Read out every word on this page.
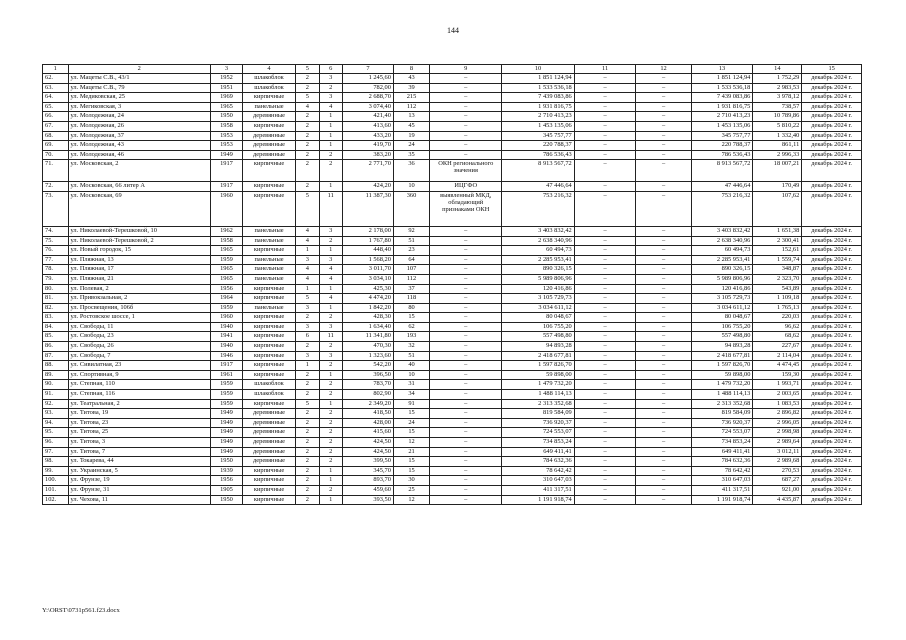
144
1	2	3	4	5	6	7	8	9	10	11	12	13	14	15
62.	ул. Мацеты С.В., 43/1	1952	шлакоблок	2	3	1 245,60	43	–	1 851 124,94	–	–	1 851 124,94	1 752,29	декабрь 2024 г.
63.	ул. Мацеты С.В., 79	1951	шлакоблок	2	2	782,00	39	–	1 533 536,18	–	–	1 533 536,18	2 983,53	декабрь 2024 г.
64.	ул. Медиковская, 25	1969	кирпичные	5	3	2 688,70	215	–	7 439 083,86	–	–	7 439 083,86	3 978,12	декабрь 2024 г.
65.	ул. Мегиковская, 3	1965	панельные	4	4	3 074,40	112	–	1 931 816,75	–	–	1 931 816,75	738,57	декабрь 2024 г.
66.	ул. Молодежная, 24	1950	деревянные	2	1	421,40	13	–	2 710 413,23	–	–	2 710 413,23	10 789,86	декабрь 2024 г.
67.	ул. Молодежная, 26	1958	кирпичные	2	1	413,60	45	–	1 453 135,06	–	–	1 453 135,06	5 810,22	декабрь 2024 г.
68.	ул. Молодежная, 37	1953	деревянные	2	1	433,20	19	–	345 757,77	–	–	345 757,77	1 332,40	декабрь 2024 г.
69.	ул. Молодежная, 43	1953	деревянные	2	1	419,70	24	–	220 788,37	–	–	220 788,37	861,11	декабрь 2024 г.
70.	ул. Молодежная, 46	1949	деревянные	2	2	383,20	35	–	786 536,43	–	–	786 536,43	2 996,33	декабрь 2024 г.
71.	ул. Московская, 2	1917	кирпичные	2	2	2 771,70	36	ОКН регионального значения	8 913 567,72	–	–	8 913 567,72	18 007,21	декабрь 2024 г.
72.	ул. Московская, 66 литер А	1917	кирпичные	2	1	424,20	10	ИЦГФО	47 446,64	–	–	47 446,64	170,49	декабрь 2024 г.
73.	ул. Московская, 69	1960	кирпичные	5	11	11 387,30	360	выявленный МКД, обладающий признаками ОКН	753 216,32	–	–	753 216,32	107,62	декабрь 2024 г.
74.	ул. Николаевой-Терешковой, 10	1962	панельные	4	3	2 178,00	92	–	3 403 832,42	–	–	3 403 832,42	1 651,38	декабрь 2024 г.
75.	ул. Николаевой-Терешковой, 2	1958	панельные	4	2	1 767,80	51	–	2 638 340,96	–	–	2 638 340,96	2 300,41	декабрь 2024 г.
76.	ул. Новый городок, 15	1965	кирпичные	1	1	448,40	23	–	60 494,73	–	–	60 494,73	152,61	декабрь 2024 г.
77.	ул. Пляжная, 13	1959	панельные	3	3	1 568,20	64	–	2 285 953,41	–	–	2 285 953,41	1 559,74	декабрь 2024 г.
78.	ул. Пляжная, 17	1965	панельные	4	4	3 011,70	107	–	890 326,15	–	–	890 326,15	348,87	декабрь 2024 г.
79.	ул. Пляжная, 21	1965	панельные	4	4	3 034,10	112	–	5 989 806,96	–	–	5 989 806,96	2 323,70	декабрь 2024 г.
80.	ул. Полевая, 2	1956	кирпичные	1	1	425,30	37	–	120 416,86	–	–	120 416,86	543,89	декабрь 2024 г.
81.	ул. Привокзальная, 2	1964	кирпичные	5	4	4 474,20	118	–	3 105 729,73	–	–	3 105 729,73	1 109,18	декабрь 2024 г.
82.	ул. Просвещения, 106б	1959	панельные	3	1	1 842,20	80	–	3 034 611,12	–	–	3 034 611,12	1 765,13	декабрь 2024 г.
83.	ул. Ростовское шоссе, 1	1960	кирпичные	2	2	428,30	15	–	80 048,67	–	–	80 048,67	220,03	декабрь 2024 г.
84.	ул. Свободы, 11	1940	кирпичные	3	3	1 634,40	62	–	106 755,20	–	–	106 755,20	96,62	декабрь 2024 г.
85.	ул. Свободы, 23	1941	кирпичные	6	11	11 341,80	193	–	557 498,80	–	–	557 498,80	68,62	декабрь 2024 г.
86.	ул. Свободы, 26	1940	кирпичные	2	2	470,30	32	–	94 893,28	–	–	94 893,28	227,67	декабрь 2024 г.
87.	ул. Свободы, 7	1946	кирпичные	3	3	1 323,60	51	–	2 418 677,81	–	–	2 418 677,81	2 114,04	декабрь 2024 г.
88.	ул. Сивилатная, 23	1917	кирпичные	1	2	542,20	40	–	1 597 826,70	–	–	1 597 826,70	4 474,45	декабрь 2024 г.
89.	ул. Спортивная, 9	1961	кирпичные	2	1	396,50	10	–	59 898,00	–	–	59 898,00	159,30	декабрь 2024 г.
90.	ул. Степная, 110	1959	шлакоблок	2	2	783,70	31	–	1 479 732,20	–	–	1 479 732,20	1 993,71	декабрь 2024 г.
91.	ул. Степная, 116	1959	шлакоблок	2	2	802,90	34	–	1 488 114,13	–	–	1 488 114,13	2 003,65	декабрь 2024 г.
92.	ул. Театральная, 2	1959	кирпичные	5	1	2 349,20	91	–	2 313 352,68	–	–	2 313 352,68	1 083,53	декабрь 2024 г.
93.	ул. Титова, 19	1949	деревянные	2	2	418,50	15	–	819 584,09	–	–	819 584,09	2 896,82	декабрь 2024 г.
94.	ул. Титова, 23	1949	деревянные	2	2	428,00	24	–	736 920,37	–	–	736 920,37	2 996,05	декабрь 2024 г.
95.	ул. Титова, 25	1949	деревянные	2	2	415,60	15	–	724 553,07	–	–	724 553,07	2 998,98	декабрь 2024 г.
96.	ул. Титова, 3	1949	деревянные	2	2	424,50	12	–	734 853,24	–	–	734 853,24	2 989,64	декабрь 2024 г.
97.	ул. Титова, 7	1949	деревянные	2	2	424,50	21	–	649 411,41	–	–	649 411,41	3 012,11	декабрь 2024 г.
98.	ул. Токарева, 44	1950	деревянные	2	2	399,50	15	–	784 632,36	–	–	784 632,36	2 989,68	декабрь 2024 г.
99.	ул. Украинская, 5	1939	кирпичные	2	1	345,70	15	–	78 642,42	–	–	78 642,42	270,53	декабрь 2024 г.
100.	ул. Фрунзе, 19	1956	кирпичные	2	1	893,70	30	–	310 647,03	–	–	310 647,03	687,27	декабрь 2024 г.
101.	ул. Фрунзе, 31	1905	кирпичные	2	2	459,60	25	–	411 317,51	–	–	411 317,51	921,00	декабрь 2024 г.
102.	ул. Чехова, 11	1950	кирпичные	2	1	393,50	12	–	1 191 918,74	–	–	1 191 918,74	4 435,87	декабрь 2024 г.
Y:\ORST\0731p561.f23.docx
